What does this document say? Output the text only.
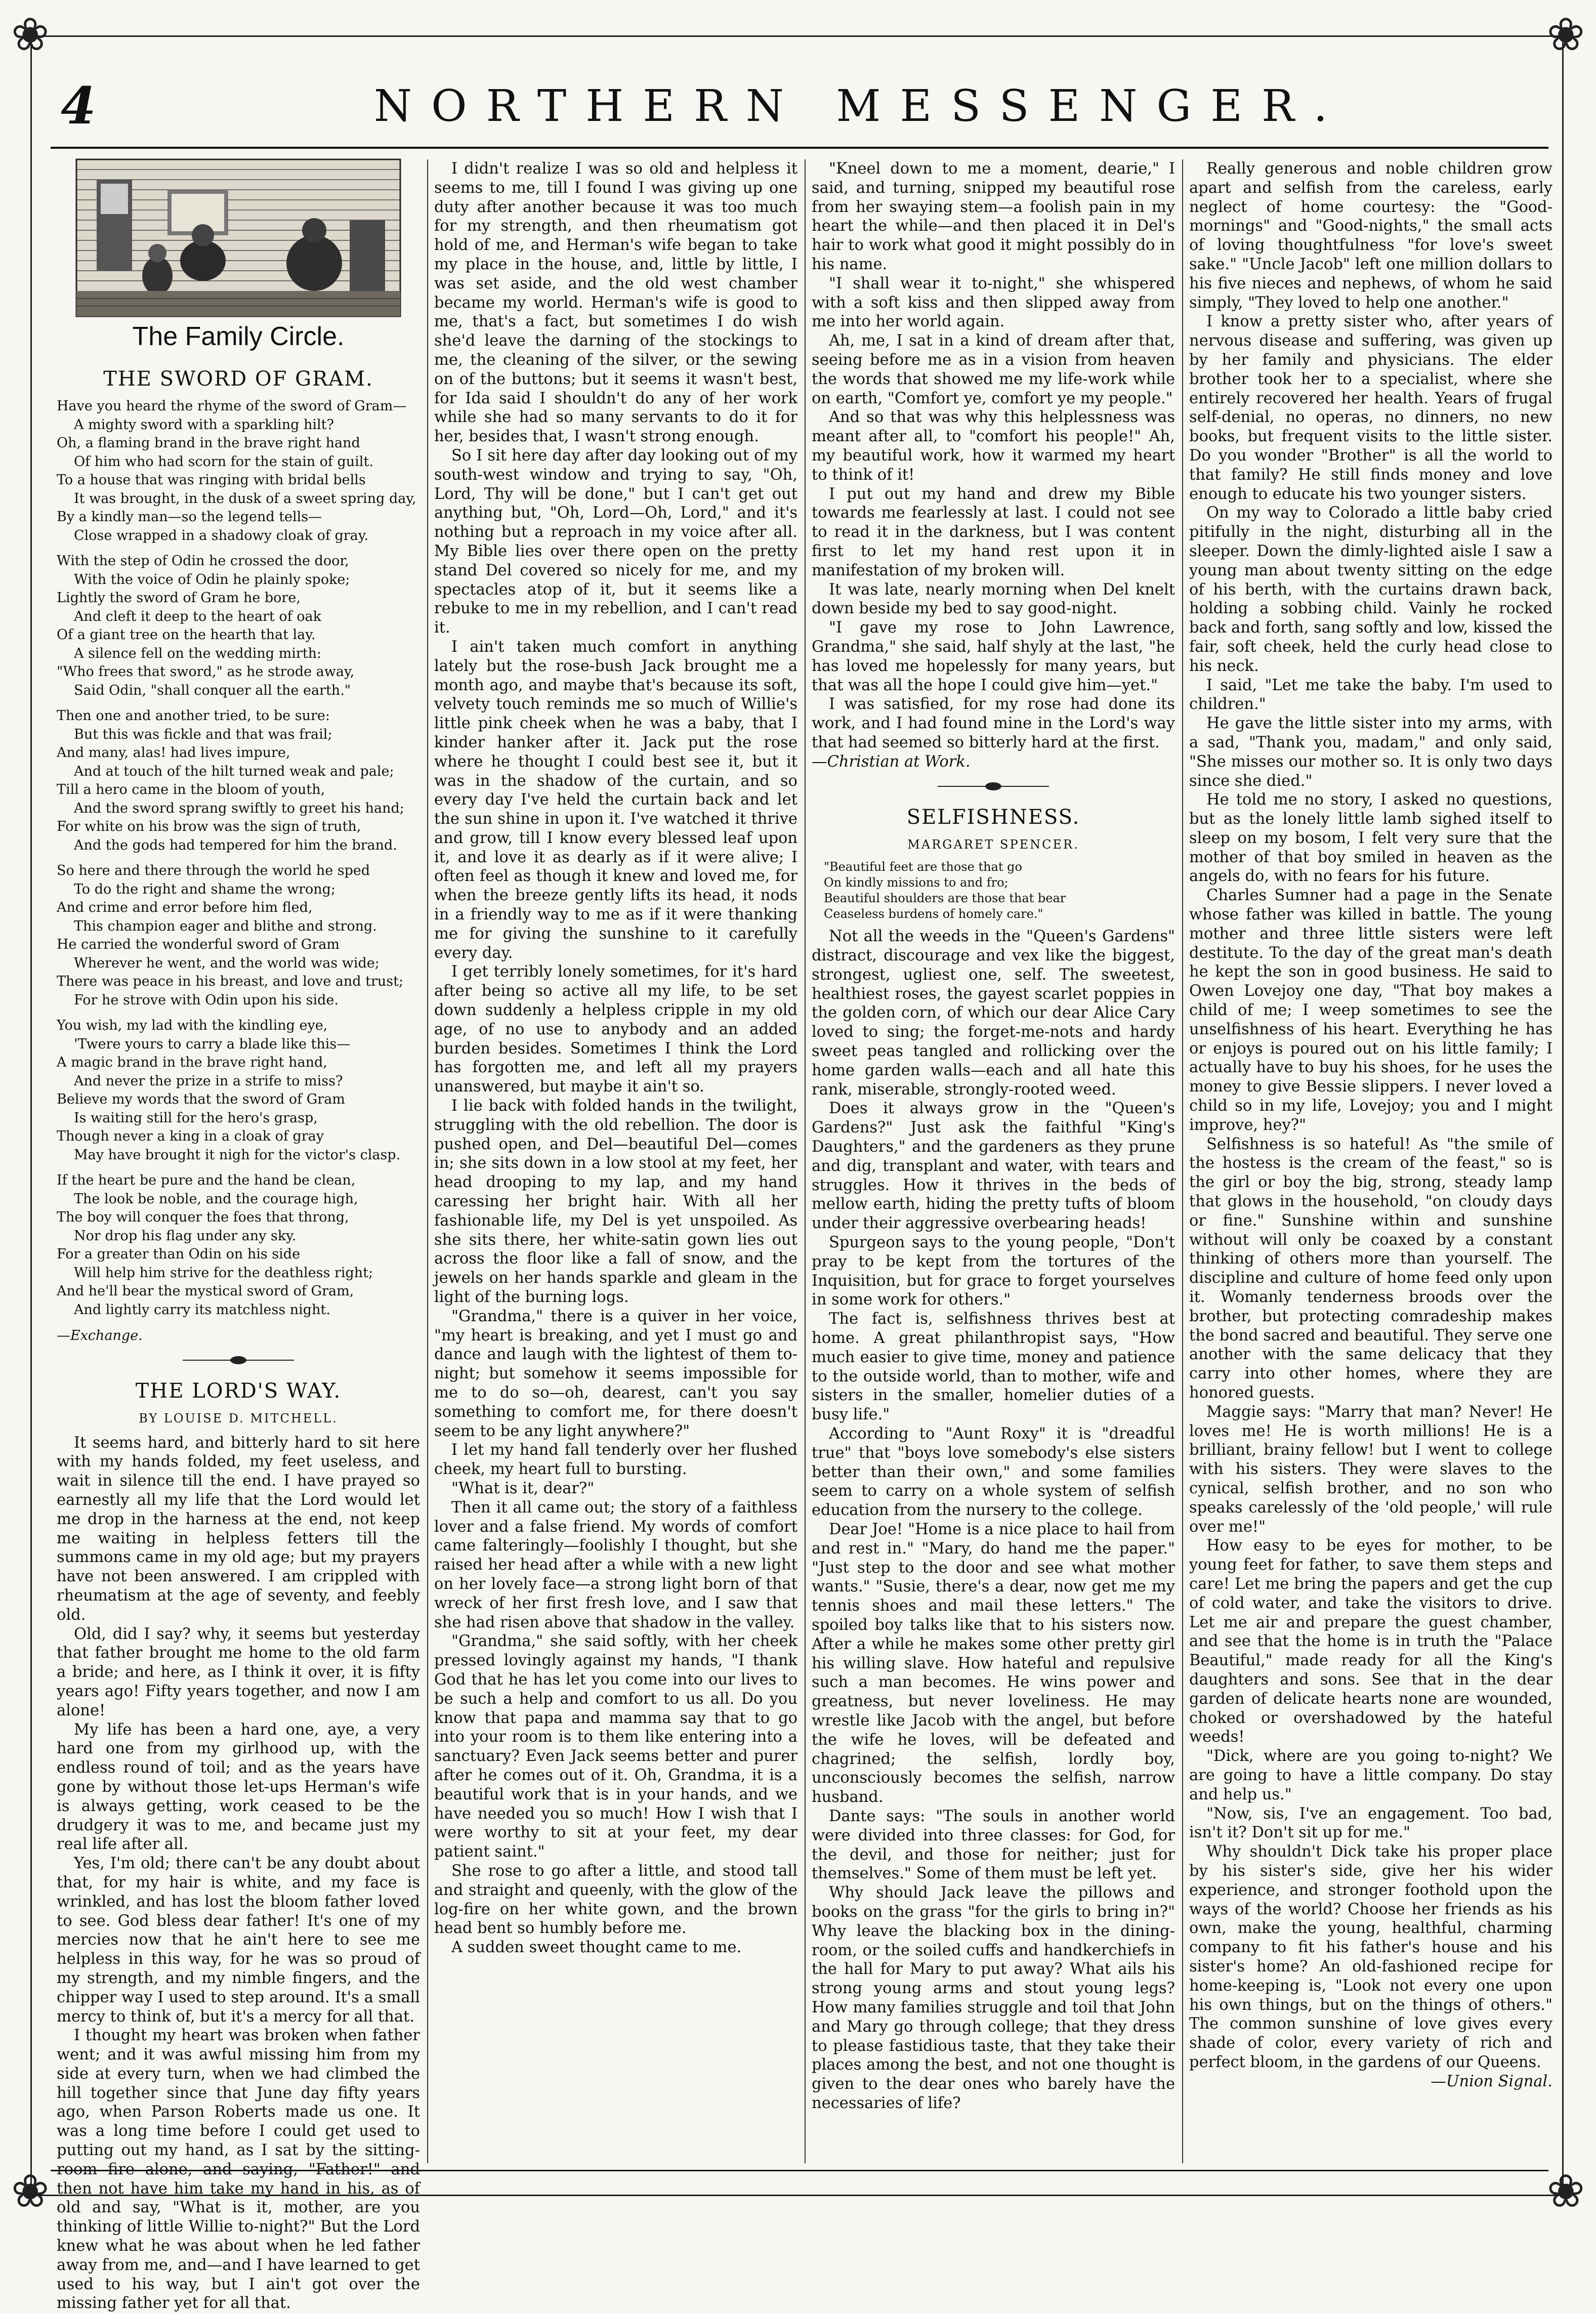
❀	❀
❀	❀
4	NORTHERN MESSENGER.
The Family Circle.
THE SWORD OF GRAM.

Have you heard the rhyme of the sword of Gram—

A mighty sword with a sparkling hilt?

Oh, a flaming brand in the brave right hand

Of him who had scorn for the stain of guilt.

To a house that was ringing with bridal bells

It was brought, in the dusk of a sweet spring day,

By a kindly man—so the legend tells—

Close wrapped in a shadowy cloak of gray.

With the step of Odin he crossed the door,

With the voice of Odin he plainly spoke;

Lightly the sword of Gram he bore,

And cleft it deep to the heart of oak

Of a giant tree on the hearth that lay.

A silence fell on the wedding mirth:

"Who frees that sword," as he strode away,

Said Odin, "shall conquer all the earth."

Then one and another tried, to be sure:

But this was fickle and that was frail;

And many, alas! had lives impure,

And at touch of the hilt turned weak and pale;

Till a hero came in the bloom of youth,

And the sword sprang swiftly to greet his hand;

For white on his brow was the sign of truth,

And the gods had tempered for him the brand.

So here and there through the world he sped

To do the right and shame the wrong;

And crime and error before him fled,

This champion eager and blithe and strong.

He carried the wonderful sword of Gram

Wherever he went, and the world was wide;

There was peace in his breast, and love and trust;

For he strove with Odin upon his side.

You wish, my lad with the kindling eye,

'Twere yours to carry a blade like this—

A magic brand in the brave right hand,

And never the prize in a strife to miss?

Believe my words that the sword of Gram

Is waiting still for the hero's grasp,

Though never a king in a cloak of gray

May have brought it nigh for the victor's clasp.

If the heart be pure and the hand be clean,

The look be noble, and the courage high,

The boy will conquer the foes that throng,

Nor drop his flag under any sky.

For a greater than Odin on his side

Will help him strive for the deathless right;

And he'll bear the mystical sword of Gram,

And lightly carry its matchless night.

—Exchange.
THE LORD'S WAY.
BY LOUISE D. MITCHELL.

It seems hard, and bitterly hard to sit here with my hands folded, my feet useless, and wait in silence till the end. I have prayed so earnestly all my life that the Lord would let me drop in the harness at the end, not keep me waiting in helpless fetters till the summons came in my old age; but my prayers have not been answered. I am crippled with rheumatism at the age of seventy, and feebly old.

Old, did I say? why, it seems but yesterday that father brought me home to the old farm a bride; and here, as I think it over, it is fifty years ago! Fifty years together, and now I am alone!

My life has been a hard one, aye, a very hard one from my girlhood up, with the endless round of toil; and as the years have gone by without those let-ups Herman's wife is always getting, work ceased to be the drudgery it was to me, and became just my real life after all.

Yes, I'm old; there can't be any doubt about that, for my hair is white, and my face is wrinkled, and has lost the bloom father loved to see. God bless dear father! It's one of my mercies now that he ain't here to see me helpless in this way, for he was so proud of my strength, and my nimble fingers, and the chipper way I used to step around. It's a small mercy to think of, but it's a mercy for all that.

I thought my heart was broken when father went; and it was awful missing him from my side at every turn, when we had climbed the hill together since that June day fifty years ago, when Parson Roberts made us one. It was a long time before I could get used to putting out my hand, as I sat by the sitting-room fire alone, and saying, "Father!" and then not have him take my hand in his, as of old and say, "What is it, mother, are you thinking of little Willie to-night?" But the Lord knew what he was about when he led father away from me, and—and I have learned to get used to his way, but I ain't got over the missing father yet for all that.

I didn't realize I was so old and helpless it seems to me, till I found I was giving up one duty after another because it was too much for my strength, and then rheumatism got hold of me, and Herman's wife began to take my place in the house, and, little by little, I was set aside, and the old west chamber became my world. Herman's wife is good to me, that's a fact, but sometimes I do wish she'd leave the darning of the stockings to me, the cleaning of the silver, or the sewing on of the buttons; but it seems it wasn't best, for Ida said I shouldn't do any of her work while she had so many servants to do it for her, besides that, I wasn't strong enough.

So I sit here day after day looking out of my south-west window and trying to say, "Oh, Lord, Thy will be done," but I can't get out anything but, "Oh, Lord—Oh, Lord," and it's nothing but a reproach in my voice after all. My Bible lies over there open on the pretty stand Del covered so nicely for me, and my spectacles atop of it, but it seems like a rebuke to me in my rebellion, and I can't read it.

I ain't taken much comfort in anything lately but the rose-bush Jack brought me a month ago, and maybe that's because its soft, velvety touch reminds me so much of Willie's little pink cheek when he was a baby, that I kinder hanker after it. Jack put the rose where he thought I could best see it, but it was in the shadow of the curtain, and so every day I've held the curtain back and let the sun shine in upon it. I've watched it thrive and grow, till I know every blessed leaf upon it, and love it as dearly as if it were alive; I often feel as though it knew and loved me, for when the breeze gently lifts its head, it nods in a friendly way to me as if it were thanking me for giving the sunshine to it carefully every day.

I get terribly lonely sometimes, for it's hard after being so active all my life, to be set down suddenly a helpless cripple in my old age, of no use to anybody and an added burden besides. Sometimes I think the Lord has forgotten me, and left all my prayers unanswered, but maybe it ain't so.

I lie back with folded hands in the twilight, struggling with the old rebellion. The door is pushed open, and Del—beautiful Del—comes in; she sits down in a low stool at my feet, her head drooping to my lap, and my hand caressing her bright hair. With all her fashionable life, my Del is yet unspoiled. As she sits there, her white-satin gown lies out across the floor like a fall of snow, and the jewels on her hands sparkle and gleam in the light of the burning logs.

"Grandma," there is a quiver in her voice, "my heart is breaking, and yet I must go and dance and laugh with the lightest of them to-night; but somehow it seems impossible for me to do so—oh, dearest, can't you say something to comfort me, for there doesn't seem to be any light anywhere?"

I let my hand fall tenderly over her flushed cheek, my heart full to bursting.

"What is it, dear?"

Then it all came out; the story of a faithless lover and a false friend. My words of comfort came falteringly—foolishly I thought, but she raised her head after a while with a new light on her lovely face—a strong light born of that wreck of her first fresh love, and I saw that she had risen above that shadow in the valley.

"Grandma," she said softly, with her cheek pressed lovingly against my hands, "I thank God that he has let you come into our lives to be such a help and comfort to us all. Do you know that papa and mamma say that to go into your room is to them like entering into a sanctuary? Even Jack seems better and purer after he comes out of it. Oh, Grandma, it is a beautiful work that is in your hands, and we have needed you so much! How I wish that I were worthy to sit at your feet, my dear patient saint."

She rose to go after a little, and stood tall and straight and queenly, with the glow of the log-fire on her white gown, and the brown head bent so humbly before me.

A sudden sweet thought came to me.

"Kneel down to me a moment, dearie," I said, and turning, snipped my beautiful rose from her swaying stem—a foolish pain in my heart the while—and then placed it in Del's hair to work what good it might possibly do in his name.

"I shall wear it to-night," she whispered with a soft kiss and then slipped away from me into her world again.

Ah, me, I sat in a kind of dream after that, seeing before me as in a vision from heaven the words that showed me my life-work while on earth, "Comfort ye, comfort ye my people."

And so that was why this helplessness was meant after all, to "comfort his people!" Ah, my beautiful work, how it warmed my heart to think of it!

I put out my hand and drew my Bible towards me fearlessly at last. I could not see to read it in the darkness, but I was content first to let my hand rest upon it in manifestation of my broken will.

It was late, nearly morning when Del knelt down beside my bed to say good-night.

"I gave my rose to John Lawrence, Grandma," she said, half shyly at the last, "he has loved me hopelessly for many years, but that was all the hope I could give him—yet."

I was satisfied, for my rose had done its work, and I had found mine in the Lord's way that had seemed so bitterly hard at the first.

—Christian at Work.
SELFISHNESS.
MARGARET SPENCER.
"Beautiful feet are those that go
On kindly missions to and fro;
Beautiful shoulders are those that bear
Ceaseless burdens of homely care."

Not all the weeds in the "Queen's Gardens" distract, discourage and vex like the biggest, strongest, ugliest one, self. The sweetest, healthiest roses, the gayest scarlet poppies in the golden corn, of which our dear Alice Cary loved to sing; the forget-me-nots and hardy sweet peas tangled and rollicking over the home garden walls—each and all hate this rank, miserable, strongly-rooted weed.

Does it always grow in the "Queen's Gardens?" Just ask the faithful "King's Daughters," and the gardeners as they prune and dig, transplant and water, with tears and struggles. How it thrives in the beds of mellow earth, hiding the pretty tufts of bloom under their aggressive overbearing heads!

Spurgeon says to the young people, "Don't pray to be kept from the tortures of the Inquisition, but for grace to forget yourselves in some work for others."

The fact is, selfishness thrives best at home. A great philanthropist says, "How much easier to give time, money and patience to the outside world, than to mother, wife and sisters in the smaller, homelier duties of a busy life."

According to "Aunt Roxy" it is "dreadful true" that "boys love somebody's else sisters better than their own," and some families seem to carry on a whole system of selfish education from the nursery to the college.

Dear Joe! "Home is a nice place to hail from and rest in." "Mary, do hand me the paper." "Just step to the door and see what mother wants." "Susie, there's a dear, now get me my tennis shoes and mail these letters." The spoiled boy talks like that to his sisters now. After a while he makes some other pretty girl his willing slave. How hateful and repulsive such a man becomes. He wins power and greatness, but never loveliness. He may wrestle like Jacob with the angel, but before the wife he loves, will be defeated and chagrined; the selfish, lordly boy, unconsciously becomes the selfish, narrow husband.

Dante says: "The souls in another world were divided into three classes: for God, for the devil, and those for neither; just for themselves." Some of them must be left yet.

Why should Jack leave the pillows and books on the grass "for the girls to bring in?" Why leave the blacking box in the dining-room, or the soiled cuffs and handkerchiefs in the hall for Mary to put away? What ails his strong young arms and stout young legs? How many families struggle and toil that John and Mary go through college; that they dress to please fastidious taste, that they take their places among the best, and not one thought is given to the dear ones who barely have the necessaries of life?

Really generous and noble children grow apart and selfish from the careless, early neglect of home courtesy: the "Good-mornings" and "Good-nights," the small acts of loving thoughtfulness "for love's sweet sake." "Uncle Jacob" left one million dollars to his five nieces and nephews, of whom he said simply, "They loved to help one another."

I know a pretty sister who, after years of nervous disease and suffering, was given up by her family and physicians. The elder brother took her to a specialist, where she entirely recovered her health. Years of frugal self-denial, no operas, no dinners, no new books, but frequent visits to the little sister. Do you wonder "Brother" is all the world to that family? He still finds money and love enough to educate his two younger sisters.

On my way to Colorado a little baby cried pitifully in the night, disturbing all in the sleeper. Down the dimly-lighted aisle I saw a young man about twenty sitting on the edge of his berth, with the curtains drawn back, holding a sobbing child. Vainly he rocked back and forth, sang softly and low, kissed the fair, soft cheek, held the curly head close to his neck.

I said, "Let me take the baby. I'm used to children."

He gave the little sister into my arms, with a sad, "Thank you, madam," and only said, "She misses our mother so. It is only two days since she died."

He told me no story, I asked no questions, but as the lonely little lamb sighed itself to sleep on my bosom, I felt very sure that the mother of that boy smiled in heaven as the angels do, with no fears for his future.

Charles Sumner had a page in the Senate whose father was killed in battle. The young mother and three little sisters were left destitute. To the day of the great man's death he kept the son in good business. He said to Owen Lovejoy one day, "That boy makes a child of me; I weep sometimes to see the unselfishness of his heart. Everything he has or enjoys is poured out on his little family; I actually have to buy his shoes, for he uses the money to give Bessie slippers. I never loved a child so in my life, Lovejoy; you and I might improve, hey?"

Selfishness is so hateful! As "the smile of the hostess is the cream of the feast," so is the girl or boy the big, strong, steady lamp that glows in the household, "on cloudy days or fine." Sunshine within and sunshine without will only be coaxed by a constant thinking of others more than yourself. The discipline and culture of home feed only upon it. Womanly tenderness broods over the brother, but protecting comradeship makes the bond sacred and beautiful. They serve one another with the same delicacy that they carry into other homes, where they are honored guests.

Maggie says: "Marry that man? Never! He loves me! He is worth millions! He is a brilliant, brainy fellow! but I went to college with his sisters. They were slaves to the cynical, selfish brother, and no son who speaks carelessly of the 'old people,' will rule over me!"

How easy to be eyes for mother, to be young feet for father, to save them steps and care! Let me bring the papers and get the cup of cold water, and take the visitors to drive. Let me air and prepare the guest chamber, and see that the home is in truth the "Palace Beautiful," made ready for all the King's daughters and sons. See that in the dear garden of delicate hearts none are wounded, choked or overshadowed by the hateful weeds!

"Dick, where are you going to-night? We are going to have a little company. Do stay and help us."

"Now, sis, I've an engagement. Too bad, isn't it? Don't sit up for me."

Why shouldn't Dick take his proper place by his sister's side, give her his wider experience, and stronger foothold upon the ways of the world? Choose her friends as his own, make the young, healthful, charming company to fit his father's house and his sister's home? An old-fashioned recipe for home-keeping is, "Look not every one upon his own things, but on the things of others." The common sunshine of love gives every shade of color, every variety of rich and perfect bloom, in the gardens of our Queens.

—Union Signal.
